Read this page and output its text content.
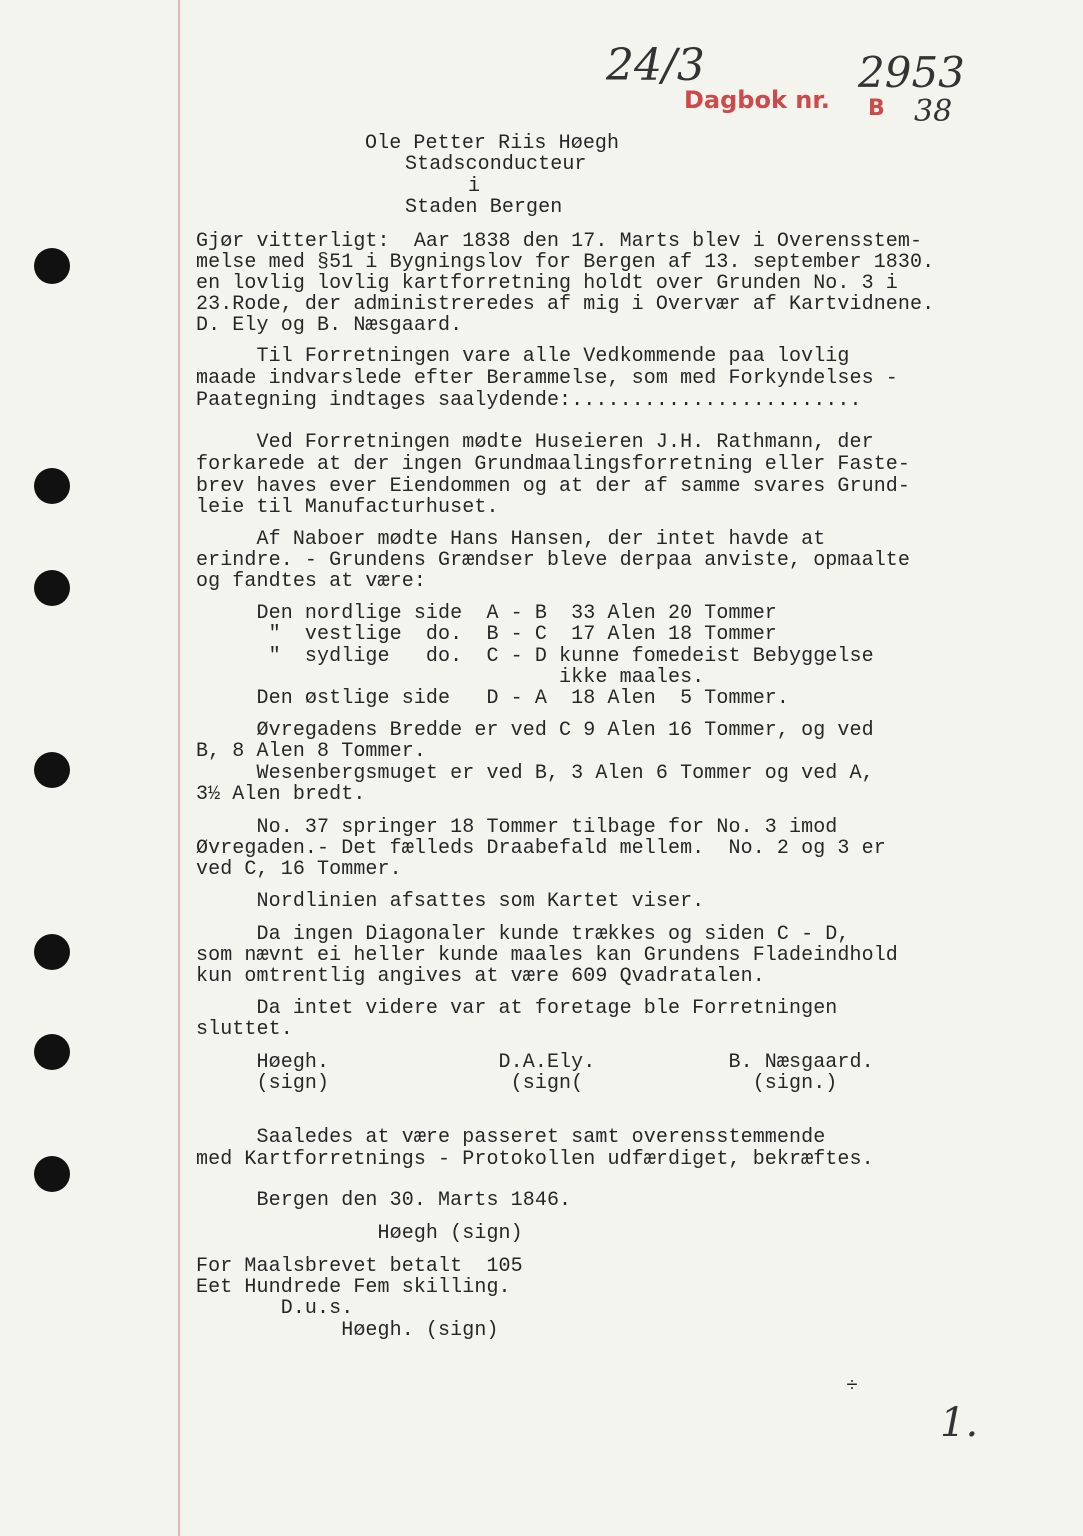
24/3
Dagbok nr.
2953
B 38
Ole Petter Riis Høegh
Stadsconducteur
i
Staden Bergen
Gjør vitterligt:  Aar 1838 den 17. Marts blev i Overensstem-
melse med §51 i Bygningslov for Bergen af 13. september 1830.
en lovlig lovlig kartforretning holdt over Grunden No. 3 i
23.Rode, der administreredes af mig i Overvær af Kartvidnene.
D. Ely og B. Næsgaard.
Til Forretningen vare alle Vedkommende paa lovlig
maade indvarslede efter Berammelse, som med Forkyndelses -
Paategning indtages saalydende:........................
Ved Forretningen mødte Huseieren J.H. Rathmann, der
forkarede at der ingen Grundmaalingsforretning eller Faste-
brev haves ever Eiendommen og at der af samme svares Grund-
leie til Manufacturhuset.
Af Naboer mødte Hans Hansen, der intet havde at
erindre. - Grundens Grændser bleve derpaa anviste, opmaalte
og fandtes at være:
Den nordlige side  A - B  33 Alen 20 Tommer
"  vestlige  do.  B - C  17 Alen 18 Tommer
"  sydlige   do.  C - D kunne fomedeist Bebyggelse
ikke maales.
Den østlige side   D - A  18 Alen  5 Tommer.
Øvregadens Bredde er ved C 9 Alen 16 Tommer, og ved
B, 8 Alen 8 Tommer.
Wesenbergsmuget er ved B, 3 Alen 6 Tommer og ved A,
3½ Alen bredt.
No. 37 springer 18 Tommer tilbage for No. 3 imod
Øvregaden.- Det fælleds Draabefald mellem.  No. 2 og 3 er
ved C, 16 Tommer.
Nordlinien afsattes som Kartet viser.
Da ingen Diagonaler kunde trækkes og siden C - D,
som nævnt ei heller kunde maales kan Grundens Fladeindhold
kun omtrentlig angives at være 609 Qvadratalen.
Da intet videre var at foretage ble Forretningen
sluttet.
Høegh.              D.A.Ely.           B. Næsgaard.
(sign)               (sign(              (sign.)
Saaledes at være passeret samt overensstemmende
med Kartforretnings - Protokollen udfærdiget, bekræftes.
Bergen den 30. Marts 1846.
Høegh (sign)
For Maalsbrevet betalt  105
Eet Hundrede Fem skilling.
D.u.s.
Høegh. (sign)
÷
1.
